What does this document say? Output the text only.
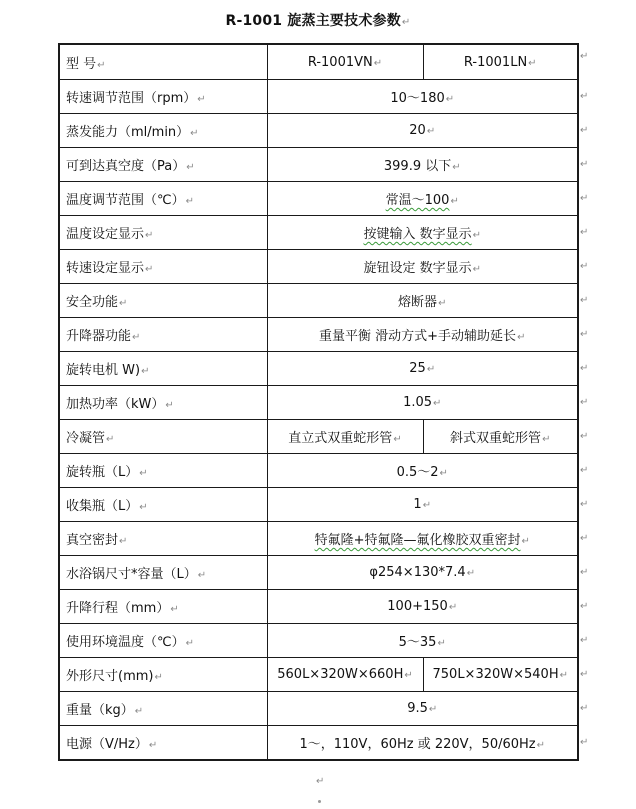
R-1001 旋蒸主要技术参数↵
型 号↵	R-1001VN↵	R-1001LN↵
转速调节范围（rpm）↵	10～180↵	
蒸发能力（ml/min）↵	20↵	
可到达真空度（Pa）↵	399.9 以下↵	
温度调节范围（℃）↵	常温～100↵	
温度设定显示↵	按键输入 数字显示↵	
转速设定显示↵	旋钮设定 数字显示↵	
安全功能↵	熔断器↵	
升降器功能↵	重量平衡 滑动方式+手动辅助延长↵	
旋转电机 W)↵	25↵	
加热功率（kW）↵	1.05↵	
冷凝管↵	直立式双重蛇形管↵	斜式双重蛇形管↵
旋转瓶（L）↵	0.5～2↵	
收集瓶（L）↵	1↵	
真空密封↵	特氟隆+特氟隆—氟化橡胶双重密封↵	
水浴锅尺寸*容量（L）↵	φ254×130*7.4↵	
升降行程（mm）↵	100+150↵	
使用环境温度（℃）↵	5～35↵	
外形尺寸(mm)↵	560L×320W×660H↵	750L×320W×540H↵
重量（kg）↵	9.5↵	
电源（V/Hz）↵	1～，110V，60Hz 或 220V，50/60Hz↵	
↵
↵
↵
↵
↵
↵
↵
↵
↵
↵
↵
↵
↵
↵
↵
↵
↵
↵
↵
↵
↵
↵
